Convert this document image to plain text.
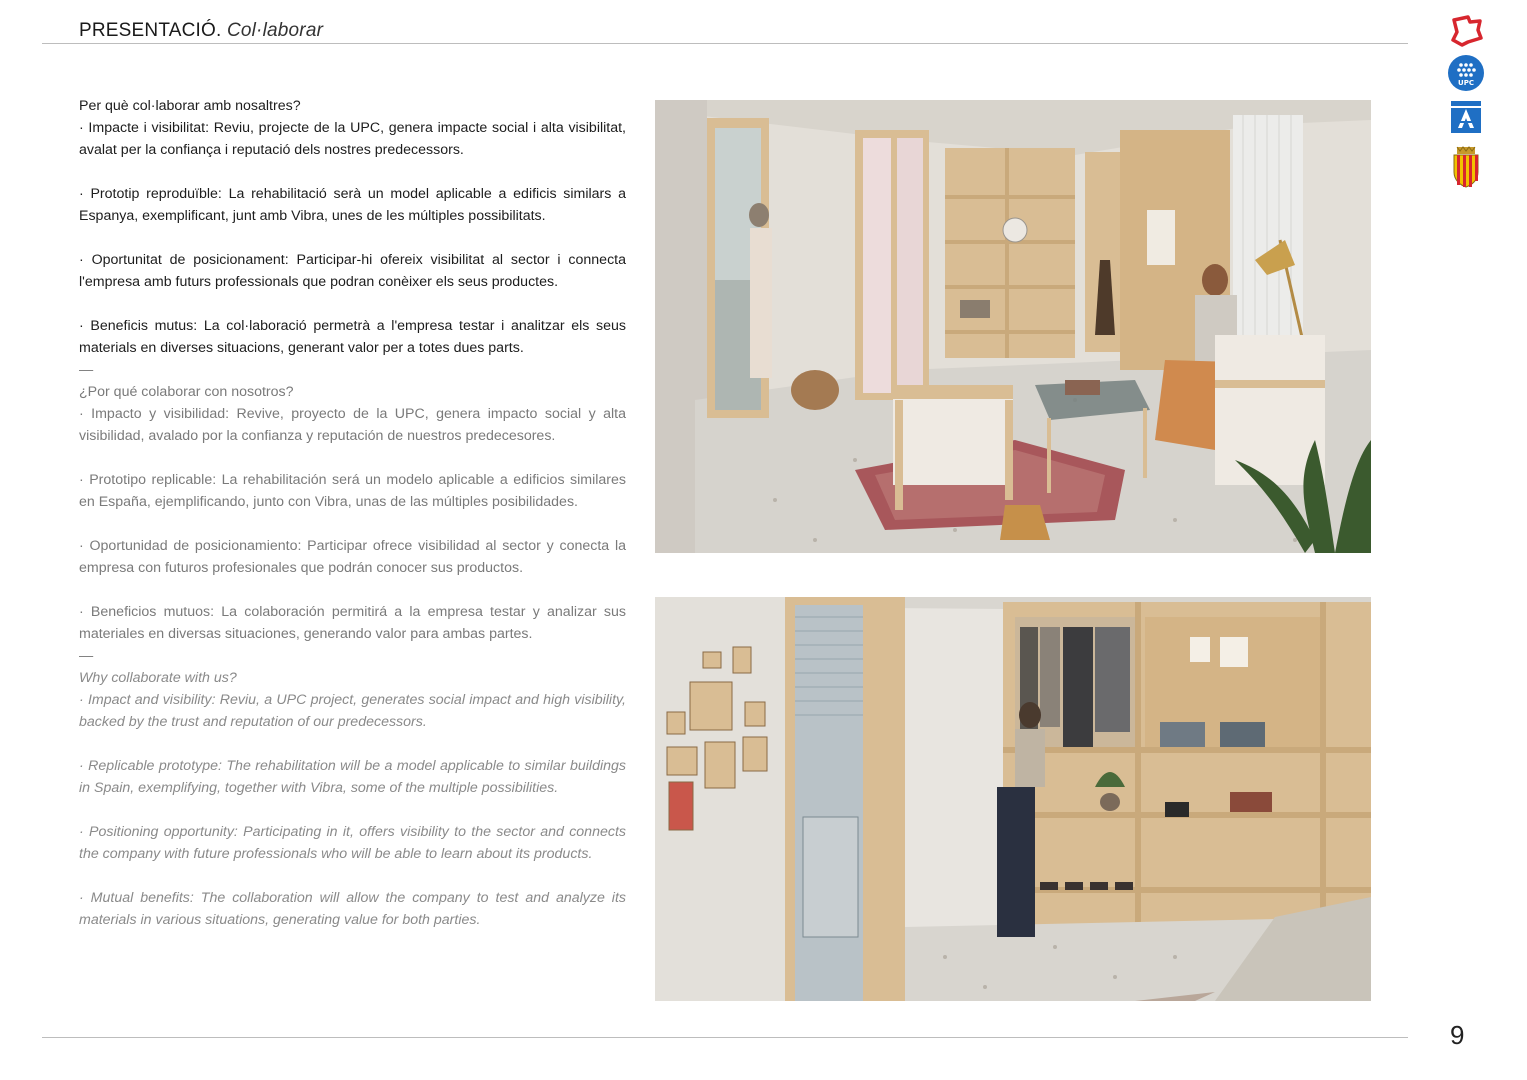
PRESENTACIÓ. Col·laborar
UPC

Per què col·laborar amb nosaltres?

· Impacte i visibilitat: Reviu, projecte de la UPC, genera impacte social i alta visibilitat, avalat per la confiança i reputació dels nostres predecessors.

· Prototip reproduïble: La rehabilitació serà un model aplicable a edificis similars a Espanya, exemplificant, junt amb Vibra, unes de les múltiples possibilitats.

· Oportunitat de posicionament: Participar-hi ofereix visibilitat al sector i connecta l'empresa amb futurs professionals que podran conèixer els seus productes.

· Beneficis mutus: La col·laboració permetrà a l'empresa testar i analitzar els seus materials en diverses situacions, generant valor per a totes dues parts.

—

¿Por qué colaborar con nosotros?

· Impacto y visibilidad: Revive, proyecto de la UPC, genera impacto social y alta visibilidad, avalado por la confianza y reputación de nuestros predecesores.

· Prototipo replicable: La rehabilitación será un modelo aplicable a edificios similares en España, ejemplificando, junto con Vibra, unas de las múltiples posibilidades.

· Oportunidad de posicionamiento: Participar ofrece visibilidad al sector y conecta la empresa con futuros profesionales que podrán conocer sus productos.

· Beneficios mutuos: La colaboración permitirá a la empresa testar y analizar sus materiales en diversas situaciones, generando valor para ambas partes.

—

Why collaborate with us?

· Impact and visibility: Reviu, a UPC project, generates social impact and high visibility, backed by the trust and reputation of our predecessors.

· Replicable prototype: The rehabilitation will be a model applicable to similar buildings in Spain, exemplifying, together with Vibra, some of the multiple possibilities.

· Positioning opportunity: Participating in it, offers visibility to the sector and connects the company with future professionals who will be able to learn about its products.

· Mutual benefits: The collaboration will allow the company to test and analyze its materials in various situations, generating value for both parties.

9
